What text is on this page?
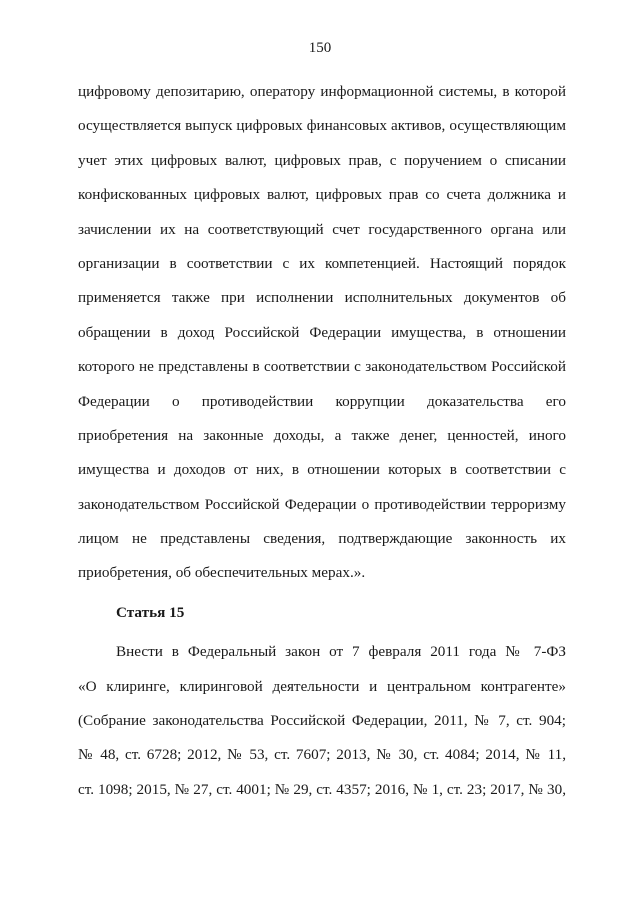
150
цифровому депозитарию, оператору информационной системы, в которой
осуществляется выпуск цифровых финансовых активов, осуществляющим
учет этих цифровых валют, цифровых прав, с поручением о списании
конфискованных цифровых валют, цифровых прав со счета должника и
зачислении их на соответствующий счет государственного органа или
организации в соответствии с их компетенцией. Настоящий порядок
применяется также при исполнении исполнительных документов об
обращении в доход Российской Федерации имущества, в отношении
которого не представлены в соответствии с законодательством Российской
Федерации о противодействии коррупции доказательства его
приобретения на законные доходы, а также денег, ценностей, иного
имущества и доходов от них, в отношении которых в соответствии с
законодательством Российской Федерации о противодействии терроризму
лицом не представлены сведения, подтверждающие законность их
приобретения, об обеспечительных мерах.».
Статья 15
Внести в Федеральный закон от 7 февраля 2011 года № 7-ФЗ
«О клиринге, клиринговой деятельности и центральном контрагенте»
(Собрание законодательства Российской Федерации, 2011, № 7, ст. 904;
№ 48, ст. 6728; 2012, № 53, ст. 7607; 2013, № 30, ст. 4084; 2014, № 11,
ст. 1098; 2015, № 27, ст. 4001; № 29, ст. 4357; 2016, № 1, ст. 23; 2017, № 30,
